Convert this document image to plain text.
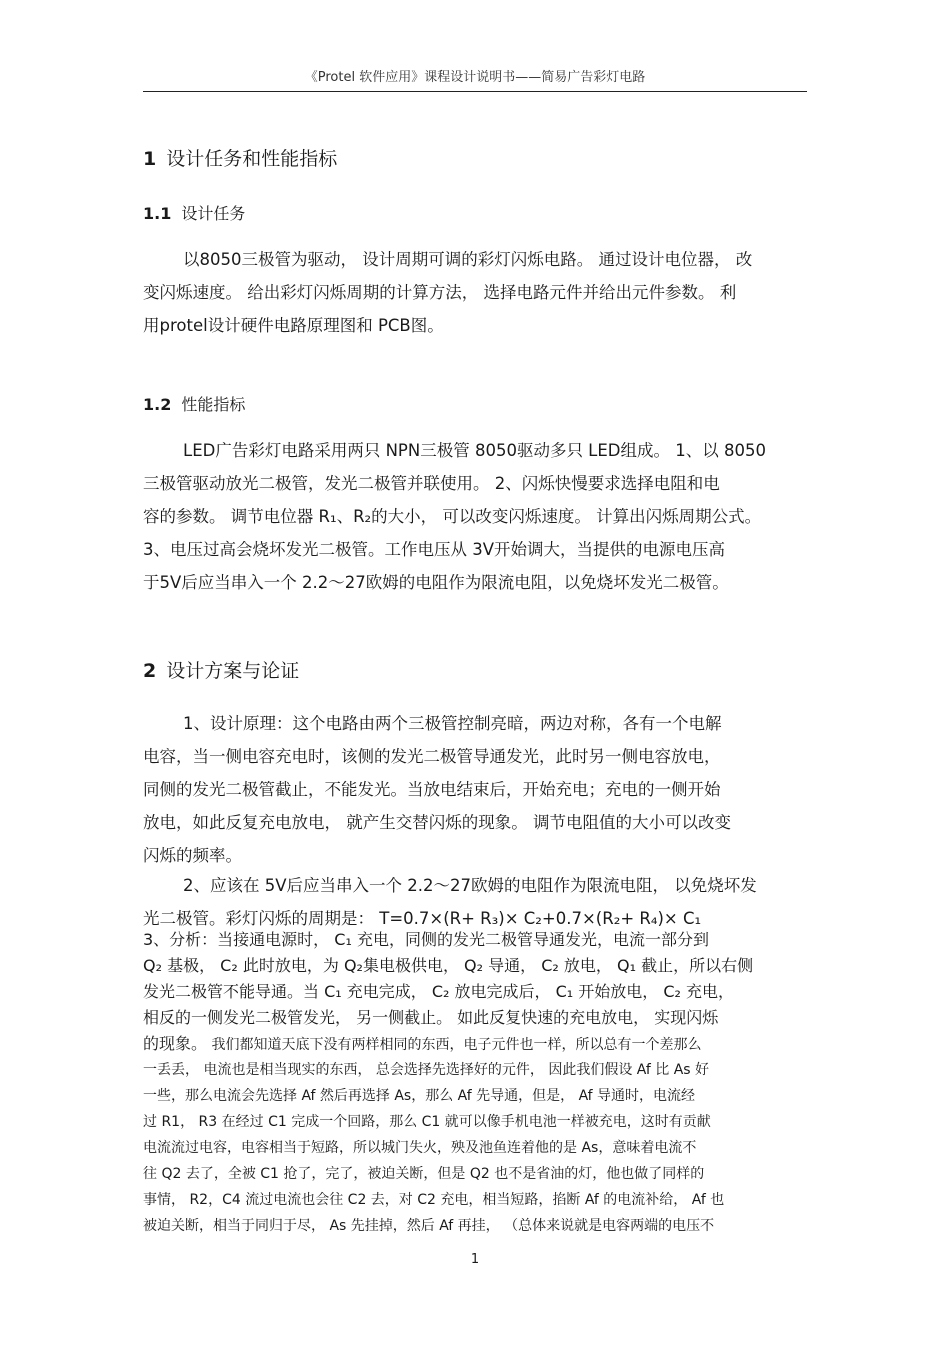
《Protel 软件应用》课程设计说明书——简易广告彩灯电路
1 设计任务和性能指标
1.1 设计任务
以8050三极管为驱动， 设计周期可调的彩灯闪烁电路。 通过设计电位器， 改
变闪烁速度。 给出彩灯闪烁周期的计算方法， 选择电路元件并给出元件参数。 利
用protel设计硬件电路原理图和 PCB图。
1.2 性能指标
LED广告彩灯电路采用两只 NPN三极管 8050驱动多只 LED组成。 1、以 8050
三极管驱动放光二极管，发光二极管并联使用。 2、闪烁快慢要求选择电阻和电
容的参数。 调节电位器 R₁、R₂的大小， 可以改变闪烁速度。 计算出闪烁周期公式。
3、电压过高会烧坏发光二极管。工作电压从 3V开始调大，当提供的电源电压高
于5V后应当串入一个 2.2～27欧姆的电阻作为限流电阻，以免烧坏发光二极管。
2 设计方案与论证
1、设计原理：这个电路由两个三极管控制亮暗，两边对称，各有一个电解
电容，当一侧电容充电时，该侧的发光二极管导通发光，此时另一侧电容放电，
同侧的发光二极管截止，不能发光。当放电结束后，开始充电；充电的一侧开始
放电，如此反复充电放电， 就产生交替闪烁的现象。 调节电阻值的大小可以改变
闪烁的频率。
2、应该在 5V后应当串入一个 2.2～27欧姆的电阻作为限流电阻， 以免烧坏发
光二极管。彩灯闪烁的周期是： T=0.7×(R+ R₃)× C₂+0.7×(R₂+ R₄)× C₁
3、分析：当接通电源时， C₁ 充电，同侧的发光二极管导通发光，电流一部分到
Q₂ 基极， C₂ 此时放电，为 Q₂集电极供电， Q₂ 导通， C₂ 放电， Q₁ 截止，所以右侧
发光二极管不能导通。当 C₁ 充电完成， C₂ 放电完成后， C₁ 开始放电， C₂ 充电，
相反的一侧发光二极管发光， 另一侧截止。 如此反复快速的充电放电， 实现闪烁
的现象。 我们都知道天底下没有两样相同的东西，电子元件也一样，所以总有一个差那么
一丢丢， 电流也是相当现实的东西， 总会选择先选择好的元件， 因此我们假设 Af 比 As 好
一些，那么电流会先选择 Af 然后再选择 As，那么 Af 先导通，但是， Af 导通时，电流经
过 R1， R3 在经过 C1 完成一个回路，那么 C1 就可以像手机电池一样被充电，这时有贡献
电流流过电容，电容相当于短路，所以城门失火，殃及池鱼连着他的是 As，意味着电流不
往 Q2 去了，全被 C1 抢了，完了，被迫关断，但是 Q2 也不是省油的灯，他也做了同样的
事情， R2，C4 流过电流也会往 C2 去，对 C2 充电，相当短路，掐断 Af 的电流补给， Af 也
被迫关断，相当于同归于尽， As 先挂掉，然后 Af 再挂， （总体来说就是电容两端的电压不
1
